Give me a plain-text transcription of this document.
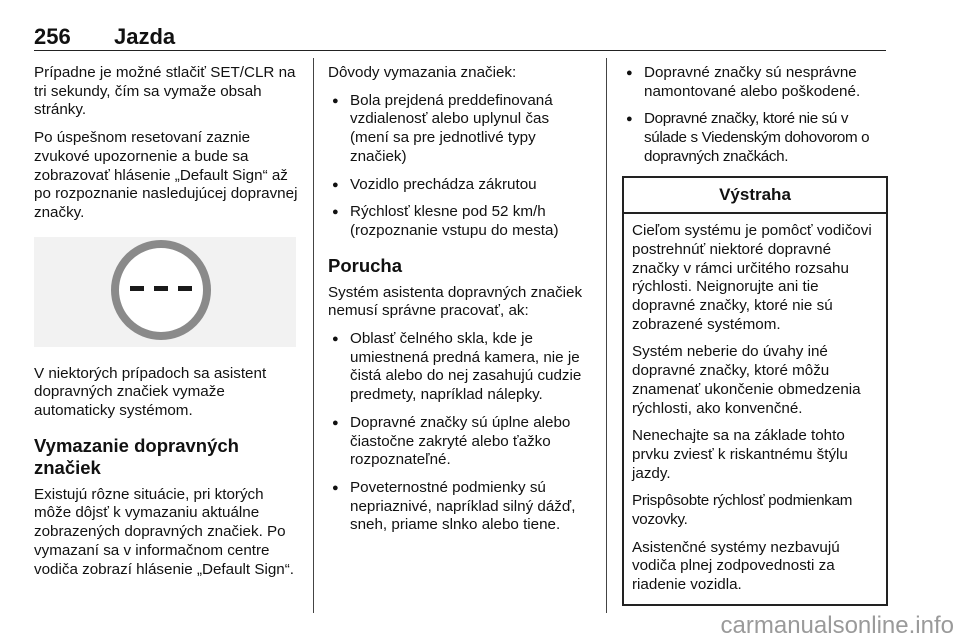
256 Jazda

Prípadne je možné stlačiť SET/CLR na tri sekundy, čím sa vymaže obsah stránky.

Po úspešnom resetovaní zaznie zvukové upozornenie a bude sa zobrazovať hlásenie „Default Sign“ až po rozpoznanie nasledujúcej dopravnej značky.

V niektorých prípadoch sa asistent dopravných značiek vymaže automaticky systémom.

Vymazanie dopravných značiek

Existujú rôzne situácie, pri ktorých môže dôjsť k vymazaniu aktuálne zobrazených dopravných značiek. Po vymazaní sa v informačnom centre vodiča zobrazí hlásenie „Default Sign“.

Dôvody vymazania značiek:

● Bola prejdená preddefinovaná vzdialenosť alebo uplynul čas (mení sa pre jednotlivé typy značiek)
● Vozidlo prechádza zákrutou
● Rýchlosť klesne pod 52 km/h (rozpoznanie vstupu do mesta)
Porucha

Systém asistenta dopravných značiek nemusí správne pracovať, ak:

● Oblasť čelného skla, kde je umiestnená predná kamera, nie je čistá alebo do nej zasahujú cudzie predmety, napríklad nálepky.
● Dopravné značky sú úplne alebo čiastočne zakryté alebo ťažko rozpoznateľné.
● Poveternostné podmienky sú nepriaznivé, napríklad silný dážď, sneh, priame slnko alebo tiene.
● Dopravné značky sú nesprávne namontované alebo poškodené.
● Dopravné značky, ktoré nie sú v súlade s Viedenským dohovorom o dopravných značkách.
Výstraha

Cieľom systému je pomôcť vodičovi postrehnúť niektoré dopravné značky v rámci určitého rozsahu rýchlosti. Neignorujte ani tie dopravné značky, ktoré nie sú zobrazené systémom.

Systém neberie do úvahy iné dopravné značky, ktoré môžu znamenať ukončenie obmedzenia rýchlosti, ako konvenčné.

Nenechajte sa na základe tohto prvku zviesť k riskantnému štýlu jazdy.

Prispôsobte rýchlosť podmienkam vozovky.

Asistenčné systémy nezbavujú vodiča plnej zodpovednosti za riadenie vozidla.

carmanualsonline.info
